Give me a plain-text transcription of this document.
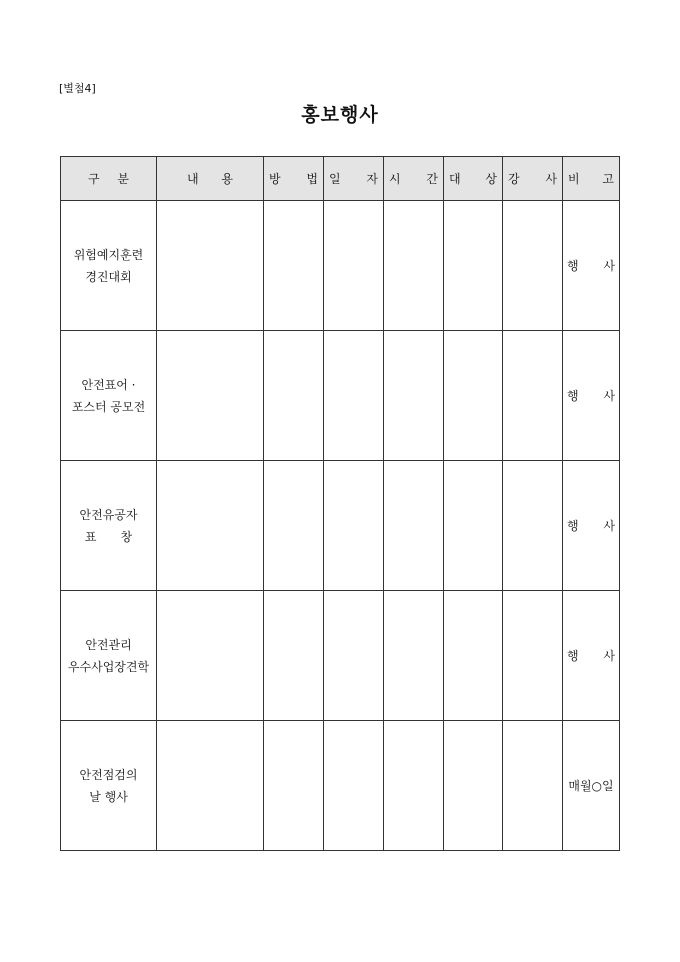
[별첨4]
홍보행사
구 분	내 용	방 법	일 자	시 간	대 상	강 사	비 고

위험예지훈련
경진대회							행 사

안전표어 ·
포스터 공모전							행 사

안전유공자
표　　창							행 사

안전관리
우수사업장견학							행 사

안전점검의
날 행사							매월○일
